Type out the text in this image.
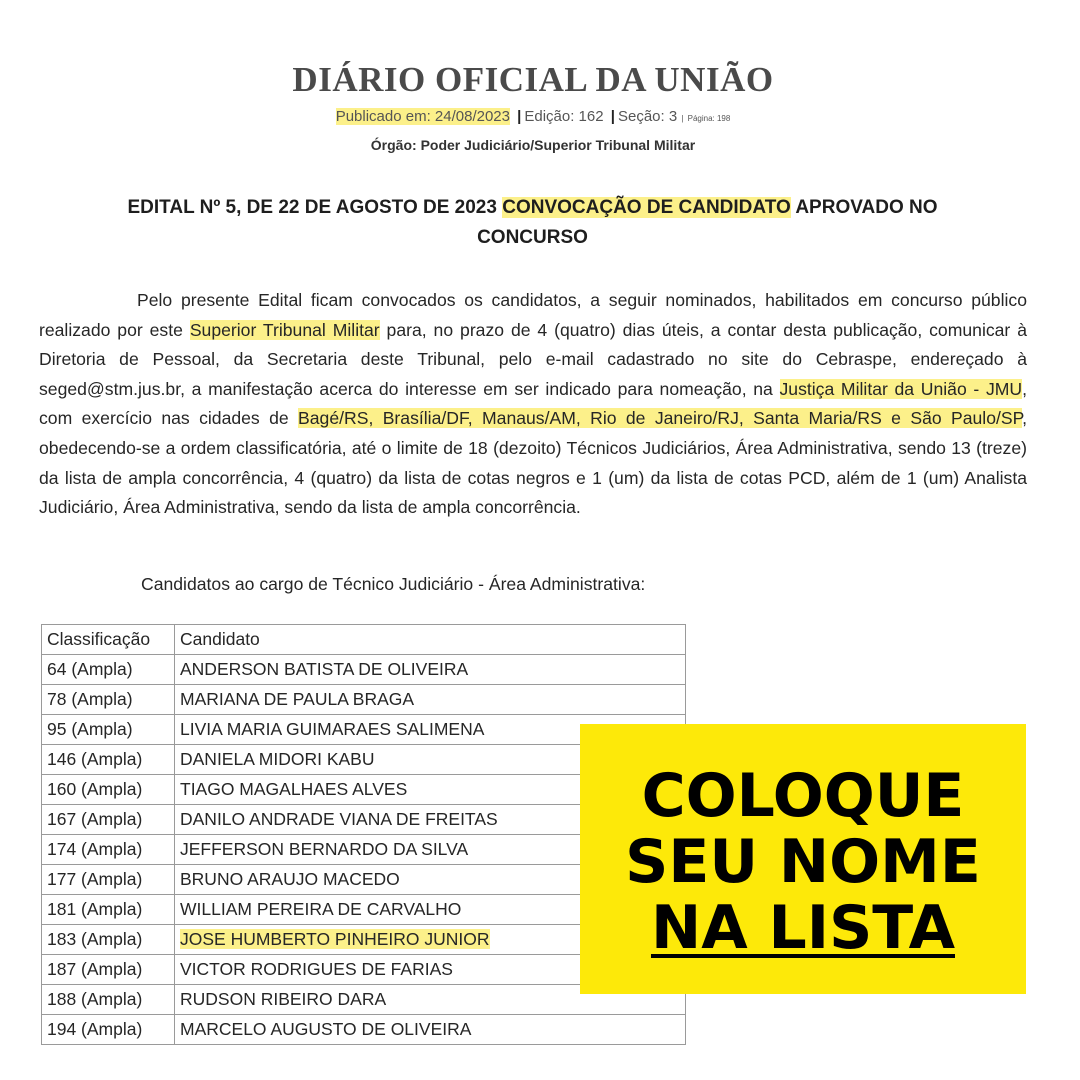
DIÁRIO OFICIAL DA UNIÃO
Publicado em: 24/08/2023 | Edição: 162 | Seção: 3 | Página: 198
Órgão: Poder Judiciário/Superior Tribunal Militar
EDITAL Nº 5, DE 22 DE AGOSTO DE 2023 CONVOCAÇÃO DE CANDIDATO APROVADO NO CONCURSO
Pelo presente Edital ficam convocados os candidatos, a seguir nominados, habilitados em concurso público realizado por este Superior Tribunal Militar para, no prazo de 4 (quatro) dias úteis, a contar desta publicação, comunicar à Diretoria de Pessoal, da Secretaria deste Tribunal, pelo e-mail cadastrado no site do Cebraspe, endereçado à seged@stm.jus.br, a manifestação acerca do interesse em ser indicado para nomeação, na Justiça Militar da União - JMU, com exercício nas cidades de Bagé/RS, Brasília/DF, Manaus/AM, Rio de Janeiro/RJ, Santa Maria/RS e São Paulo/SP, obedecendo-se a ordem classificatória, até o limite de 18 (dezoito) Técnicos Judiciários, Área Administrativa, sendo 13 (treze) da lista de ampla concorrência, 4 (quatro) da lista de cotas negros e 1 (um) da lista de cotas PCD, além de 1 (um) Analista Judiciário, Área Administrativa, sendo da lista de ampla concorrência.
Candidatos ao cargo de Técnico Judiciário - Área Administrativa:
Classificação	Candidato
64 (Ampla)	ANDERSON BATISTA DE OLIVEIRA
78 (Ampla)	MARIANA DE PAULA BRAGA
95 (Ampla)	LIVIA MARIA GUIMARAES SALIMENA
146 (Ampla)	DANIELA MIDORI KABU
160 (Ampla)	TIAGO MAGALHAES ALVES
167 (Ampla)	DANILO ANDRADE VIANA DE FREITAS
174 (Ampla)	JEFFERSON BERNARDO DA SILVA
177 (Ampla)	BRUNO ARAUJO MACEDO
181 (Ampla)	WILLIAM PEREIRA DE CARVALHO
183 (Ampla)	JOSE HUMBERTO PINHEIRO JUNIOR
187 (Ampla)	VICTOR RODRIGUES DE FARIAS
188 (Ampla)	RUDSON RIBEIRO DARA
194 (Ampla)	MARCELO AUGUSTO DE OLIVEIRA
COLOQUE
SEU NOME
NA LISTA
